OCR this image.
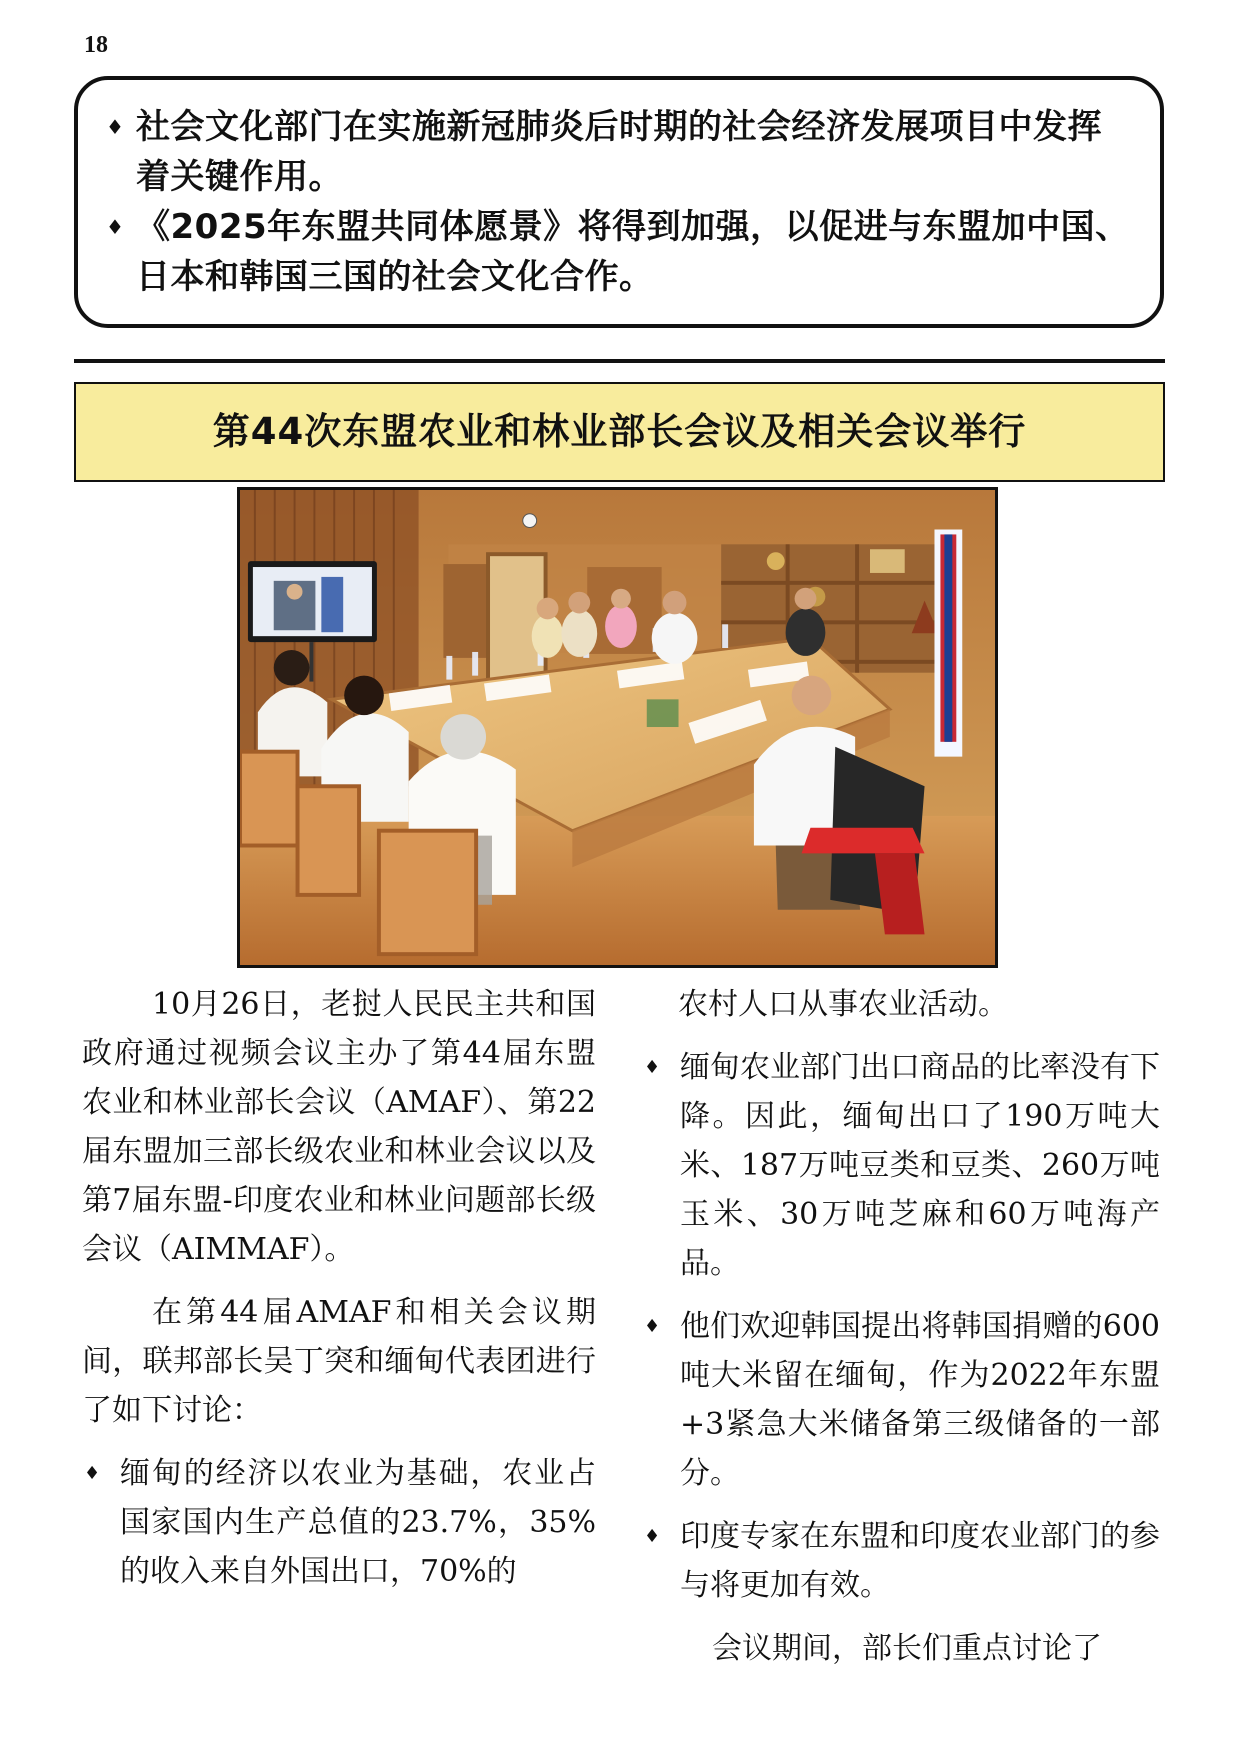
18
♦ 社会文化部门在实施新冠肺炎后时期的社会经济发展项目中发挥着关键作用。
♦ 《2025年东盟共同体愿景》将得到加强，以促进与东盟加中国、日本和韩国三国的社会文化合作。
第44次东盟农业和林业部长会议及相关会议举行

10月26日，老挝人民民主共和国政府通过视频会议主办了第44届东盟农业和林业部长会议（AMAF）、第22届东盟加三部长级农业和林业会议以及第7届东盟-印度农业和林业问题部长级会议（AIMMAF）。

在第44届AMAF和相关会议期间，联邦部长吴丁突和缅甸代表团进行了如下讨论：

♦ 缅甸的经济以农业为基础，农业占国家国内生产总值的23.7%，35%的收入来自外国出口，70%的

农村人口从事农业活动。

♦ 缅甸农业部门出口商品的比率没有下降。因此，缅甸出口了190万吨大米、187万吨豆类和豆类、260万吨玉米、30万吨芝麻和60万吨海产品。
♦ 他们欢迎韩国提出将韩国捐赠的600吨大米留在缅甸，作为2022年东盟+3紧急大米储备第三级储备的一部分。
♦ 印度专家在东盟和印度农业部门的参与将更加有效。

会议期间，部长们重点讨论了
